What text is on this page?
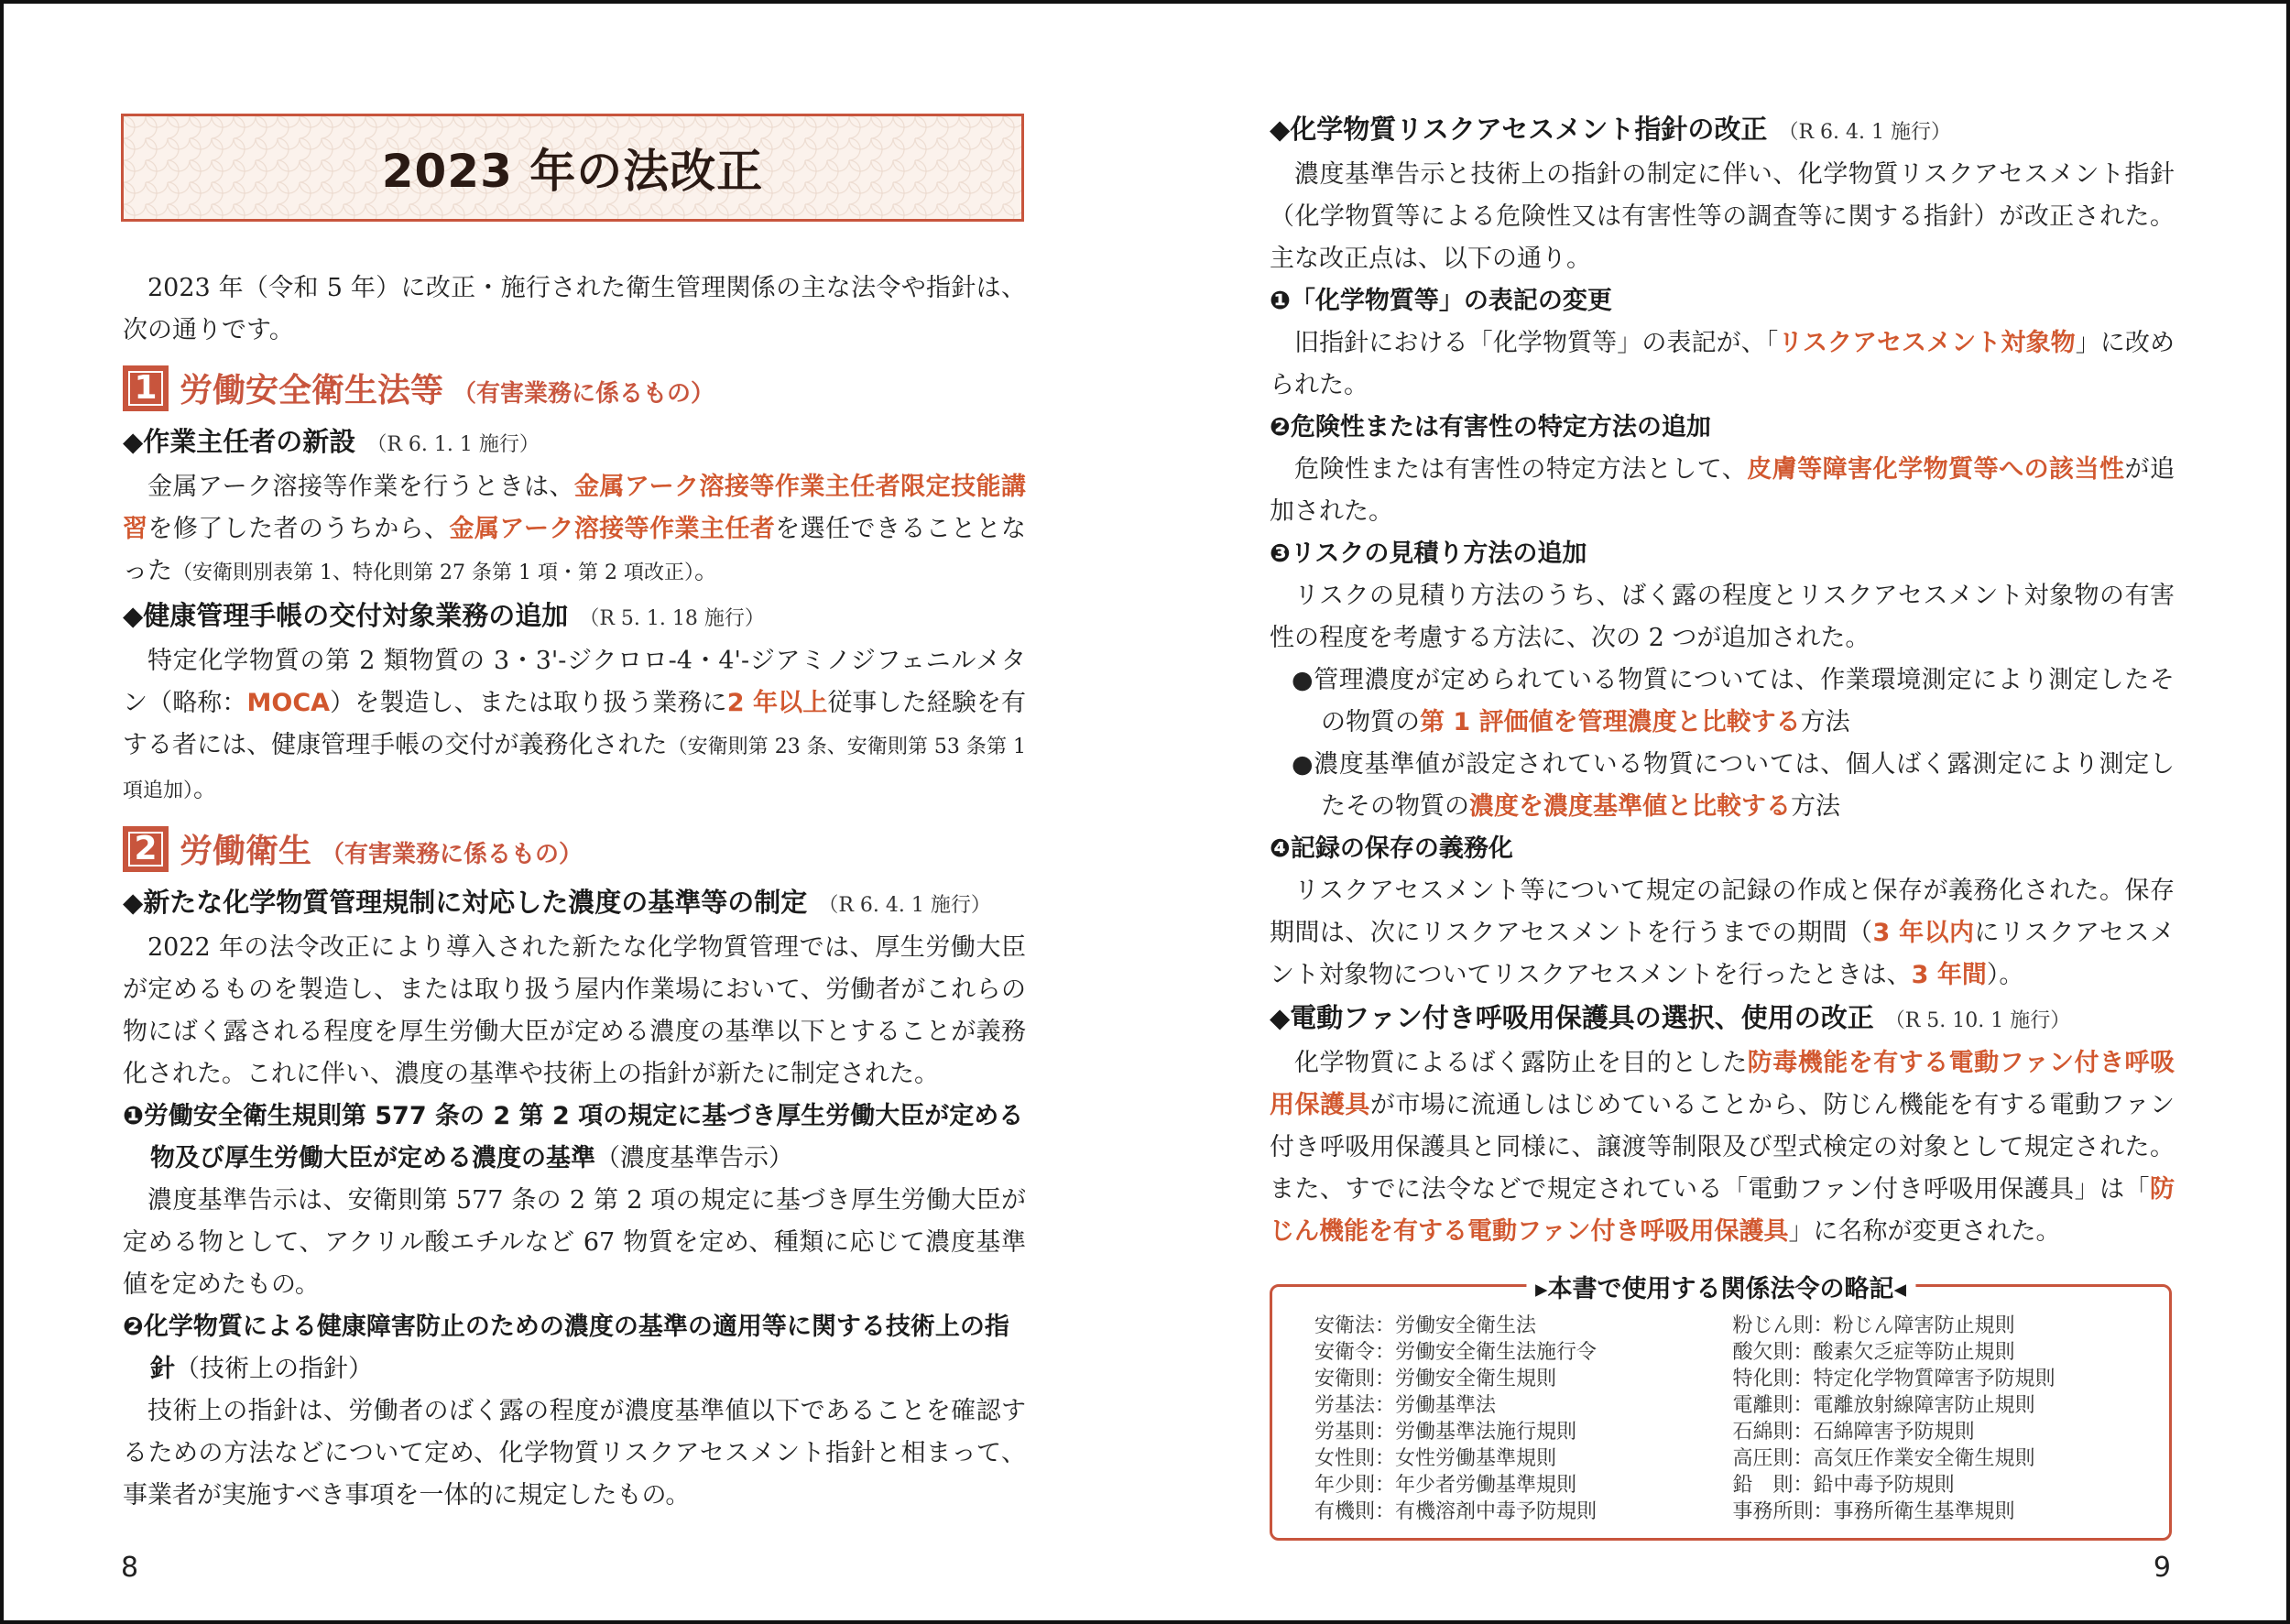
2023 年の法改正

2023 年（令和 5 年）に改正・施行された衛生管理関係の主な法令や指針は、次の通りです。

1 労働安全衛生法等 （有害業務に係るもの）
◆作業主任者の新設 （R 6. 1. 1 施行）

金属アーク溶接等作業を行うときは、金属アーク溶接等作業主任者限定技能講習を修了した者のうちから、金属アーク溶接等作業主任者を選任できることとなった（安衛則別表第 1、特化則第 27 条第 1 項・第 2 項改正）。

◆健康管理手帳の交付対象業務の追加 （R 5. 1. 18 施行）

特定化学物質の第 2 類物質の 3・3'-ジクロロ-4・4'-ジアミノジフェニルメタン（略称：MOCA）を製造し、または取り扱う業務に2 年以上従事した経験を有する者には、健康管理手帳の交付が義務化された（安衛則第 23 条、安衛則第 53 条第 1 項追加）。

2 労働衛生 （有害業務に係るもの）
◆新たな化学物質管理規制に対応した濃度の基準等の制定 （R 6. 4. 1 施行）

2022 年の法令改正により導入された新たな化学物質管理では、厚生労働大臣が定めるものを製造し、または取り扱う屋内作業場において、労働者がこれらの物にばく露される程度を厚生労働大臣が定める濃度の基準以下とすることが義務化された。これに伴い、濃度の基準や技術上の指針が新たに制定された。

❶労働安全衛生規則第 577 条の 2 第 2 項の規定に基づき厚生労働大臣が定める物及び厚生労働大臣が定める濃度の基準（濃度基準告示）

濃度基準告示は、安衛則第 577 条の 2 第 2 項の規定に基づき厚生労働大臣が定める物として、アクリル酸エチルなど 67 物質を定め、種類に応じて濃度基準値を定めたもの。

❷化学物質による健康障害防止のための濃度の基準の適用等に関する技術上の指針（技術上の指針）

技術上の指針は、労働者のばく露の程度が濃度基準値以下であることを確認するための方法などについて定め、化学物質リスクアセスメント指針と相まって、事業者が実施すべき事項を一体的に規定したもの。

8
◆化学物質リスクアセスメント指針の改正 （R 6. 4. 1 施行）

濃度基準告示と技術上の指針の制定に伴い、化学物質リスクアセスメント指針（化学物質等による危険性又は有害性等の調査等に関する指針）が改正された。主な改正点は、以下の通り。

❶「化学物質等」の表記の変更

旧指針における「化学物質等」の表記が、「リスクアセスメント対象物」に改められた。

❷危険性または有害性の特定方法の追加

危険性または有害性の特定方法として、皮膚等障害化学物質等への該当性が追加された。

❸リスクの見積り方法の追加

リスクの見積り方法のうち、ばく露の程度とリスクアセスメント対象物の有害性の程度を考慮する方法に、次の 2 つが追加された。

●管理濃度が定められている物質については、作業環境測定により測定したその物質の第 1 評価値を管理濃度と比較する方法
●濃度基準値が設定されている物質については、個人ばく露測定により測定したその物質の濃度を濃度基準値と比較する方法
❹記録の保存の義務化

リスクアセスメント等について規定の記録の作成と保存が義務化された。保存期間は、次にリスクアセスメントを行うまでの期間（3 年以内にリスクアセスメント対象物についてリスクアセスメントを行ったときは、3 年間）。

◆電動ファン付き呼吸用保護具の選択、使用の改正 （R 5. 10. 1 施行）

化学物質によるばく露防止を目的とした防毒機能を有する電動ファン付き呼吸用保護具が市場に流通しはじめていることから、防じん機能を有する電動ファン付き呼吸用保護具と同様に、譲渡等制限及び型式検定の対象として規定された。また、すでに法令などで規定されている「電動ファン付き呼吸用保護具」は「防じん機能を有する電動ファン付き呼吸用保護具」に名称が変更された。

▸本書で使用する関係法令の略記◂
安衛法：労働安全衛生法
安衛令：労働安全衛生法施行令
安衛則：労働安全衛生規則
労基法：労働基準法
労基則：労働基準法施行規則
女性則：女性労働基準規則
年少則：年少者労働基準規則
有機則：有機溶剤中毒予防規則
粉じん則：粉じん障害防止規則
酸欠則：酸素欠乏症等防止規則
特化則：特定化学物質障害予防規則
電離則：電離放射線障害防止規則
石綿則：石綿障害予防規則
高圧則：高気圧作業安全衛生規則
鉛　則：鉛中毒予防規則
事務所則：事務所衛生基準規則
9
